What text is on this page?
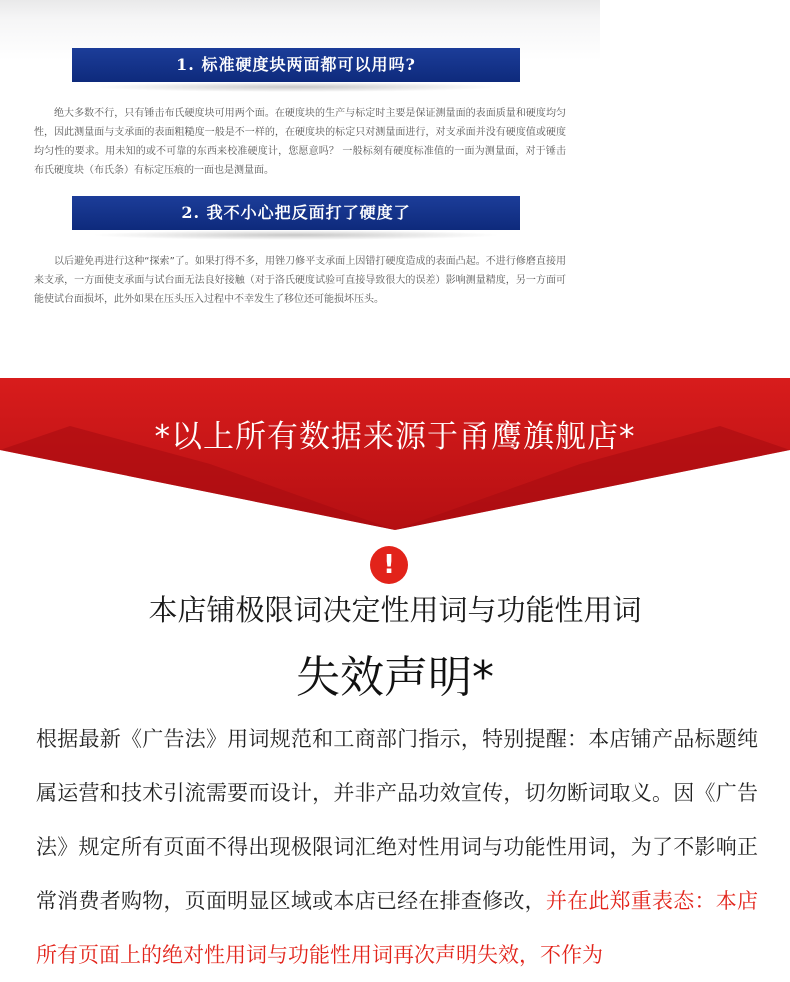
1. 标准硬度块两面都可以用吗?
绝大多数不行，只有锤击布氏硬度块可用两个面。在硬度块的生产与标定时主要是保证测量面的表面质量和硬度均匀性，因此测量面与支承面的表面粗糙度一般是不一样的，在硬度块的标定只对测量面进行，对支承面并没有硬度值或硬度均匀性的要求。用未知的或不可靠的东西来校准硬度计，您愿意吗？ 一般标刻有硬度标准值的一面为测量面，对于锤击布氏硬度块（布氏条）有标定压痕的一面也是测量面。
2. 我不小心把反面打了硬度了
以后避免再进行这种“探索”了。如果打得不多，用锉刀修平支承面上因错打硬度造成的表面凸起。不进行修磨直接用来支承，一方面使支承面与试台面无法良好接触（对于洛氏硬度试验可直接导致很大的误差）影响测量精度，另一方面可能使试台面损坏，此外如果在压头压入过程中不幸发生了移位还可能损坏压头。
*以上所有数据来源于甬鹰旗舰店*
!
本店铺极限词决定性用词与功能性用词
失效声明*
根据最新《广告法》用词规范和工商部门指示，特别提醒：本店铺产品标题纯属运营和技术引流需要而设计，并非产品功效宣传，切勿断词取义。因《广告法》规定所有页面不得出现极限词汇绝对性用词与功能性用词，为了不影响正常消费者购物，页面明显区域或本店已经在排查修改，并在此郑重表态：本店所有页面上的绝对性用词与功能性用词再次声明失效，不作为
